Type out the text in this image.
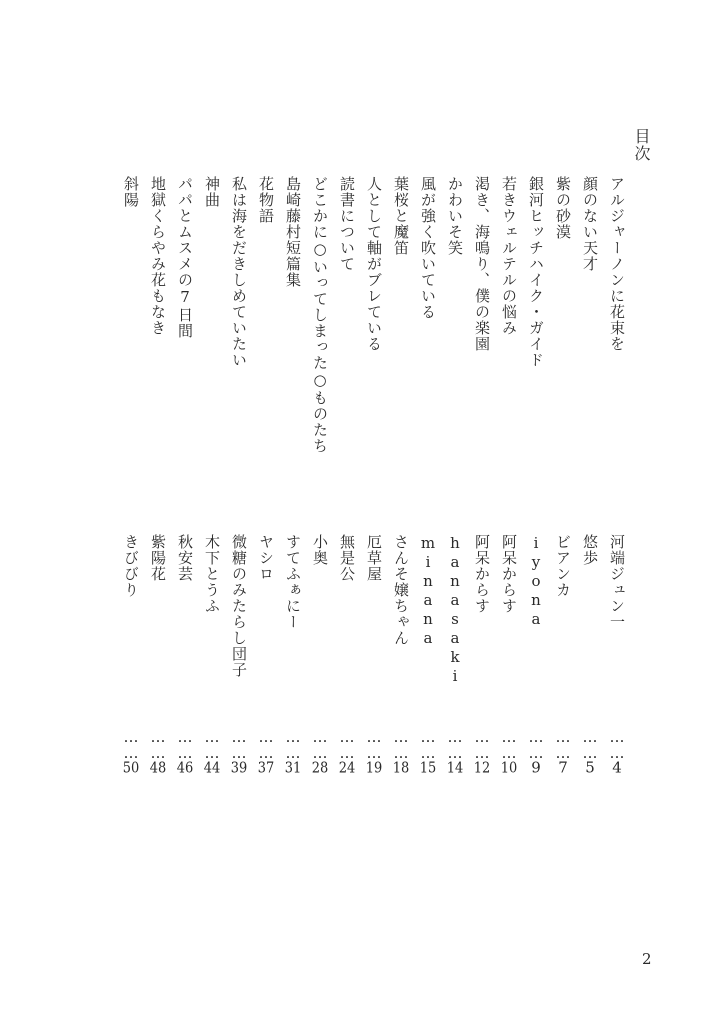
目次
アルジャーノンに花束を
河端ジュン一
……4
顔のない天才
悠歩
……5
紫の砂漠
ビアンカ
……7
銀河ヒッチハイク・ガイド
iyona
……9
若きウェルテルの悩み
阿呆からす
……10
渇き、海鳴り、僕の楽園
阿呆からす
……12
かわいそ笑
hanasaki
……14
風が強く吹いている
minana
……15
葉桜と魔笛
さんそ嬢ちゃん
……18
人として軸がブレている
厄草屋
……19
読書について
無是公
……24
どこかに○いってしまった○ものたち
小奥
……28
島崎藤村短篇集
すてふぁにー
……31
花物語
ヤシロ
……37
私は海をだきしめていたい
微糖のみたらし団子
……39
神曲
木下とうふ
……44
パパとムスメの7日間
秋安芸
……46
地獄くらやみ花もなき
紫陽花
……48
斜陽
きびびり
……50
2
